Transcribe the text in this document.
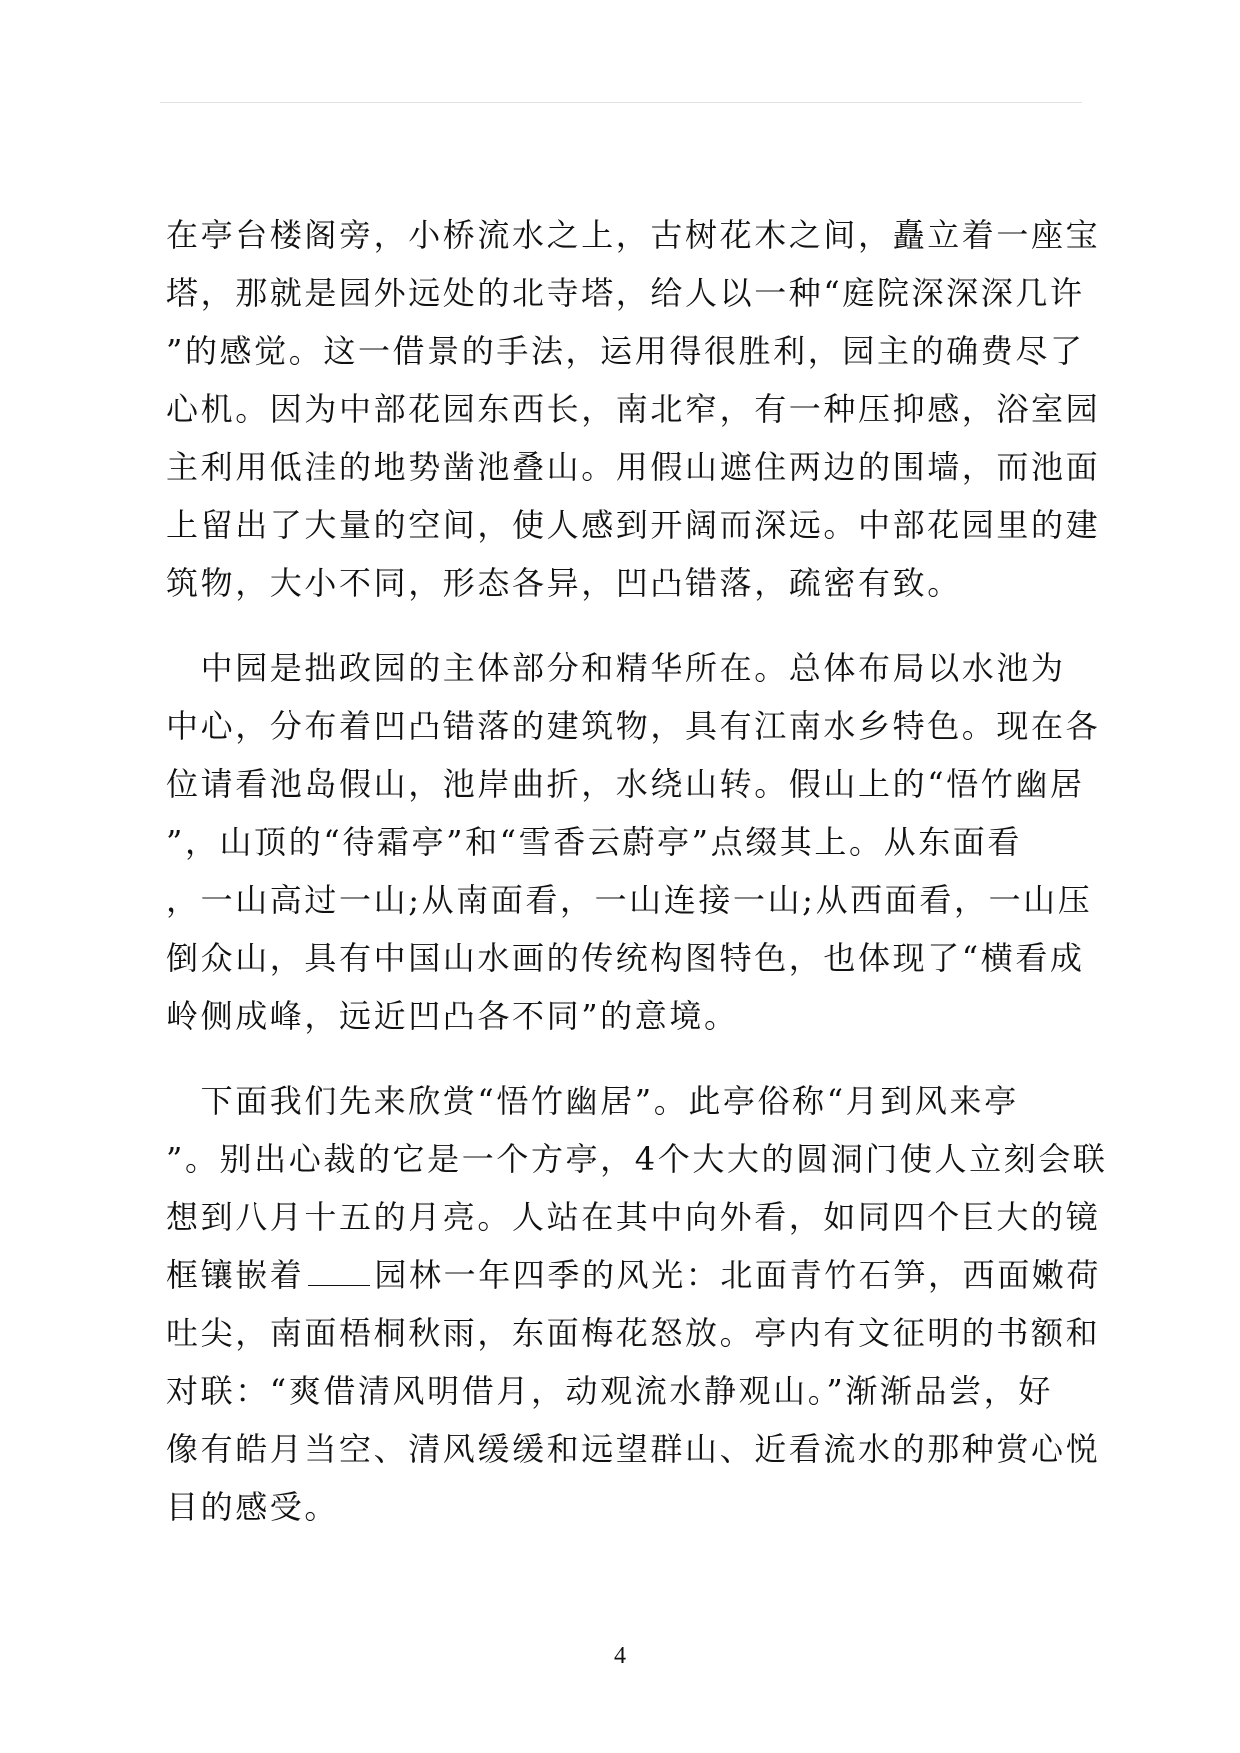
在亭台楼阁旁，小桥流水之上，古树花木之间，矗立着一座宝
塔，那就是园外远处的北寺塔，给人以一种“庭院深深深几许
”的感觉。这一借景的手法，运用得很胜利，园主的确费尽了
心机。因为中部花园东西长，南北窄，有一种压抑感，浴室园
主利用低洼的地势凿池叠山。用假山遮住两边的围墙，而池面
上留出了大量的空间，使人感到开阔而深远。中部花园里的建
筑物，大小不同，形态各异，凹凸错落，疏密有致。
　中园是拙政园的主体部分和精华所在。总体布局以水池为
中心，分布着凹凸错落的建筑物，具有江南水乡特色。现在各
位请看池岛假山，池岸曲折，水绕山转。假山上的“悟竹幽居
”，山顶的“待霜亭”和“雪香云蔚亭”点缀其上。从东面看
，一山高过一山;从南面看，一山连接一山;从西面看，一山压
倒众山，具有中国山水画的传统构图特色，也体现了“横看成
岭侧成峰，远近凹凸各不同”的意境。
　下面我们先来欣赏“悟竹幽居”。此亭俗称“月到风来亭
”。别出心裁的它是一个方亭，4个大大的圆洞门使人立刻会联
想到八月十五的月亮。人站在其中向外看，如同四个巨大的镜
框镶嵌着 园林一年四季的风光：北面青竹石笋，西面嫩荷
吐尖，南面梧桐秋雨，东面梅花怒放。亭内有文征明的书额和
对联：“爽借清风明借月，动观流水静观山。”渐渐品尝，好
像有皓月当空、清风缓缓和远望群山、近看流水的那种赏心悦
目的感受。
4
